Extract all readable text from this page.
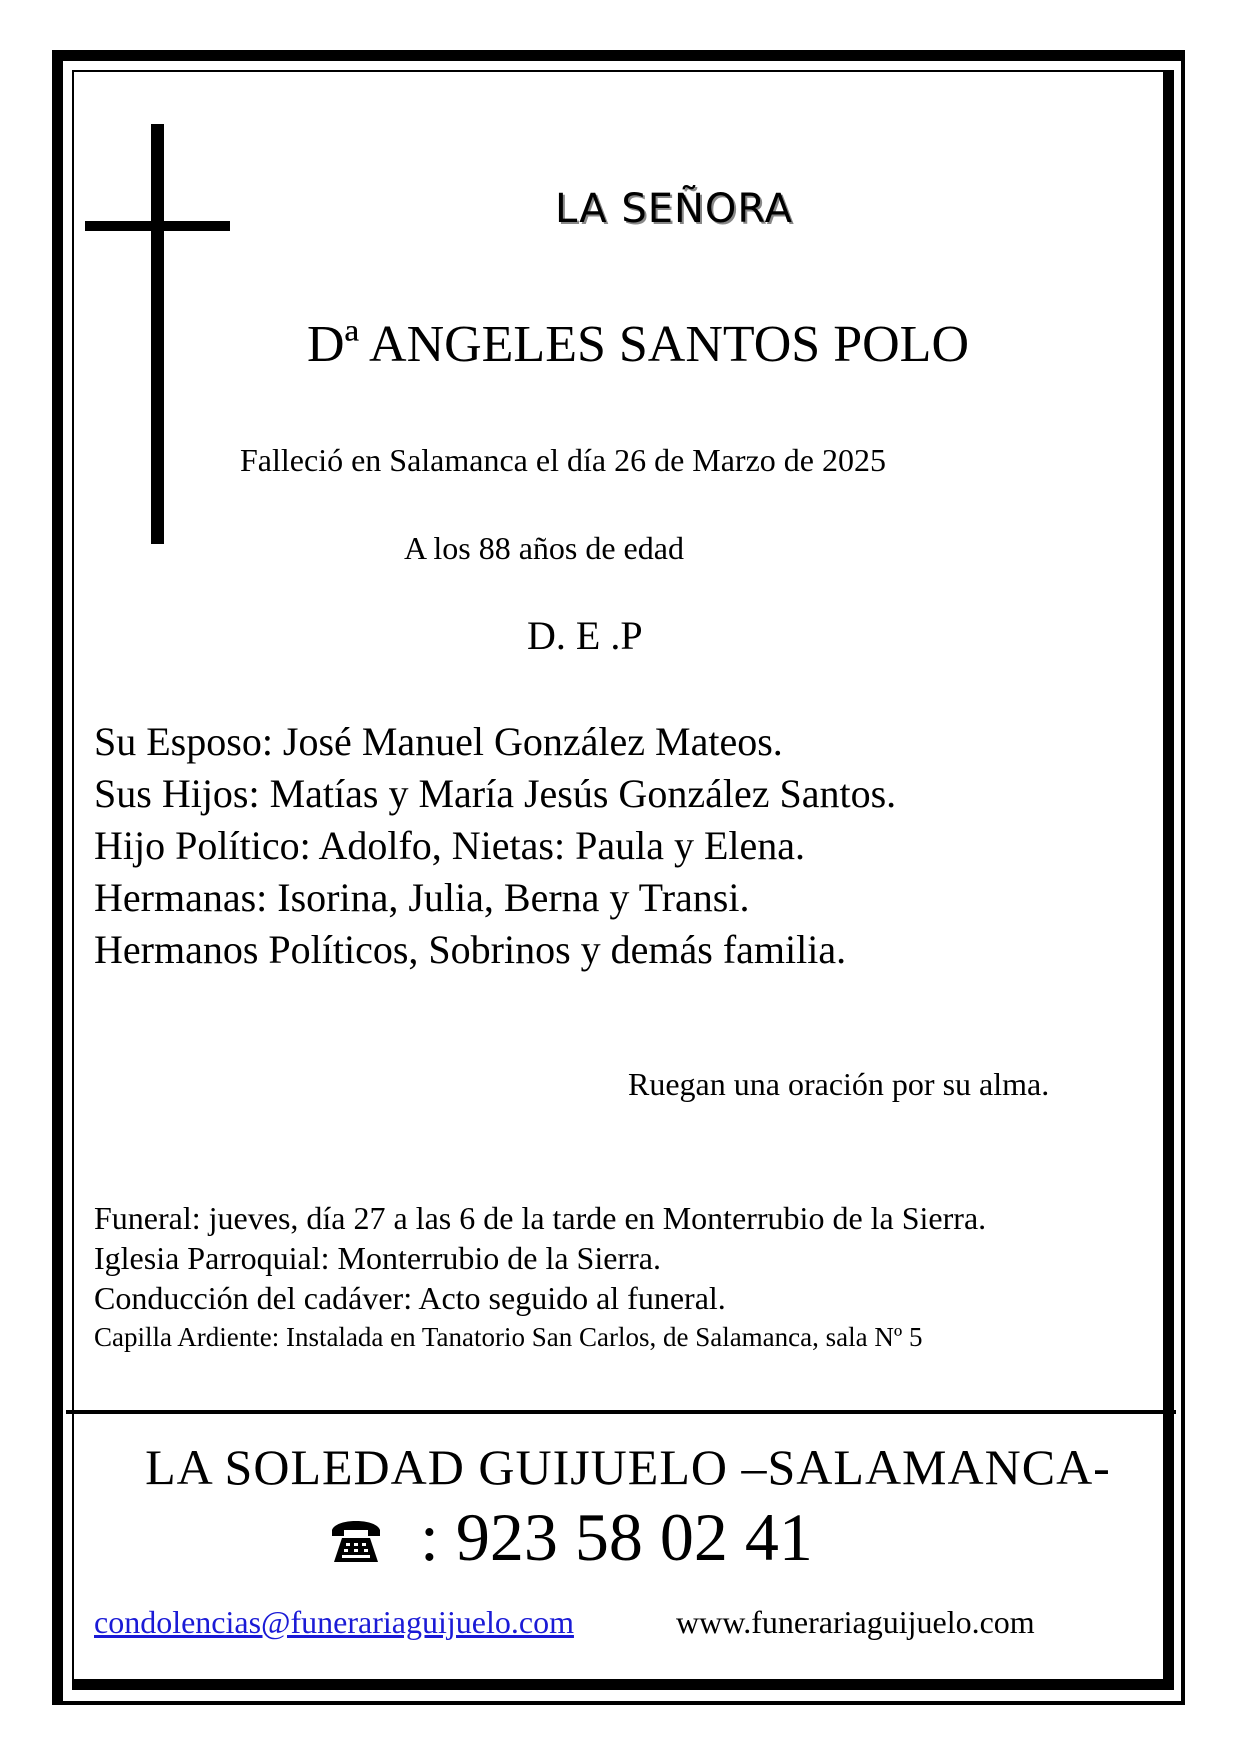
LA SEÑORA

Dª ANGELES SANTOS POLO

Falleció en Salamanca el día 26 de Marzo de 2025

A los 88 años de edad

D. E .P

Su Esposo: José Manuel González Mateos.
Sus Hijos: Matías y María Jesús González Santos.
Hijo Político: Adolfo, Nietas: Paula y Elena.
Hermanas: Isorina, Julia, Berna y Transi.
Hermanos Políticos, Sobrinos y demás familia.

Ruegan una oración por su alma.

Funeral: jueves, día 27 a las 6 de la tarde en Monterrubio de la Sierra.
Iglesia Parroquial: Monterrubio de la Sierra.
Conducción del cadáver: Acto seguido al funeral.
Capilla Ardiente: Instalada en Tanatorio San Carlos, de Salamanca, sala Nº 5

LA SOLEDAD GUIJUELO –SALAMANCA-

: 923 58 02 41

condolencias@funerariaguijuelo.com	www.funerariaguijuelo.com
